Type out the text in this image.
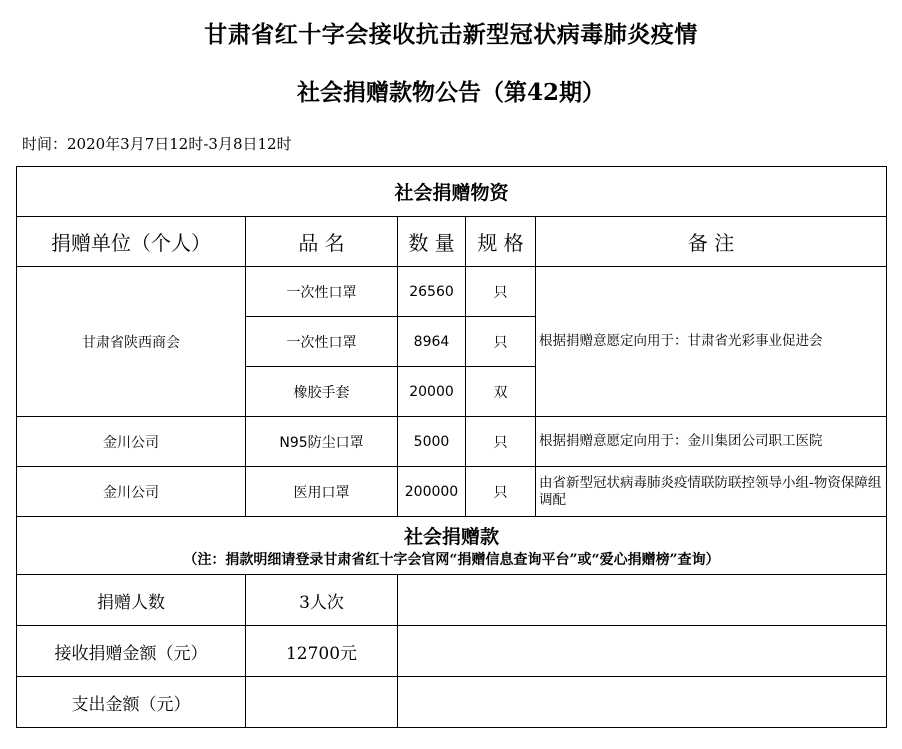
甘肃省红十字会接收抗击新型冠状病毒肺炎疫情
社会捐赠款物公告（第42期）
时间：2020年3月7日12时-3月8日12时
社会捐赠物资				
捐赠单位（个人）	品 名	数 量	规 格	备 注
甘肃省陕西商会	一次性口罩	26560	只	根据捐赠意愿定向用于：甘肃省光彩事业促进会
	一次性口罩	8964	只	
	橡胶手套	20000	双	
金川公司	N95防尘口罩	5000	只	根据捐赠意愿定向用于：金川集团公司职工医院
金川公司	医用口罩	200000	只	由省新型冠状病毒肺炎疫情联防联控领导小组-物资保障组调配

社会捐赠款
（注：捐款明细请登录甘肃省红十字会官网“捐赠信息查询平台”或“爱心捐赠榜”查询）				

捐赠人数	3人次			
接收捐赠金额（元）	12700元			
支出金额（元）				
